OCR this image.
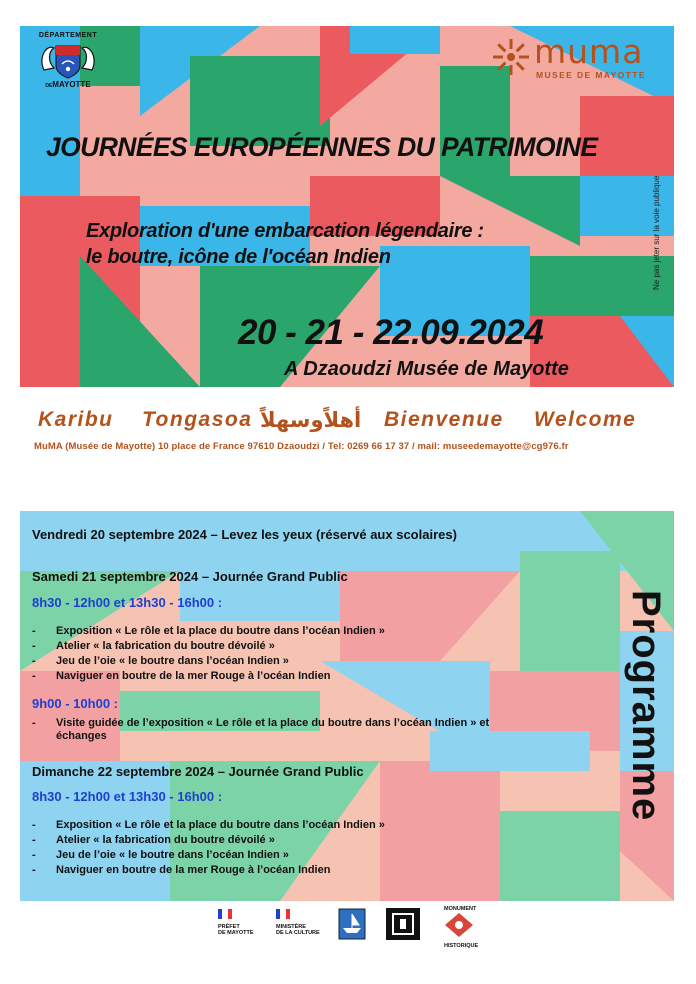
DÉPARTEMENT
DEMAYOTTE
muma
MUSEE DE MAYOTTE
JOURNÉES EUROPÉENNES DU PATRIMOINE
Exploration d'une embarcation légendaire :
le boutre, icône de l'océan Indien
20 - 21 - 22.09.2024
A Dzaoudzi Musée de Mayotte
Ne pas jeter sur la voie publique
Karibu Tongasoa أهلاًوسهلاً Bienvenue Welcome
MuMA (Musée de Mayotte) 10 place de France 97610 Dzaoudzi / Tel: 0269 66 17 37 / mail: museedemayotte@cg976.fr
Vendredi 20 septembre 2024 – Levez les yeux (réservé aux scolaires)
Samedi 21 septembre 2024 – Journée Grand Public
8h30 - 12h00 et 13h30 - 16h00 :
- Exposition « Le rôle et la place du boutre dans l’océan Indien »
- Atelier « la fabrication du boutre dévoilé »
- Jeu de l’oie « le boutre dans l’océan Indien »
- Naviguer en boutre de la mer Rouge à l’océan Indien
9h00 - 10h00 :
- Visite guidée de l’exposition « Le rôle et la place du boutre dans l’océan Indien » et
échanges
Dimanche 22 septembre 2024 – Journée Grand Public
8h30 - 12h00 et 13h30 - 16h00 :
- Exposition « Le rôle et la place du boutre dans l’océan Indien »
- Atelier « la fabrication du boutre dévoilé »
- Jeu de l’oie « le boutre dans l’océan Indien »
- Naviguer en boutre de la mer Rouge à l’océan Indien
Programme
PRÉFET
DE MAYOTTE
MINISTÈRE
DE LA CULTURE
MONUMENT
HISTORIQUE
